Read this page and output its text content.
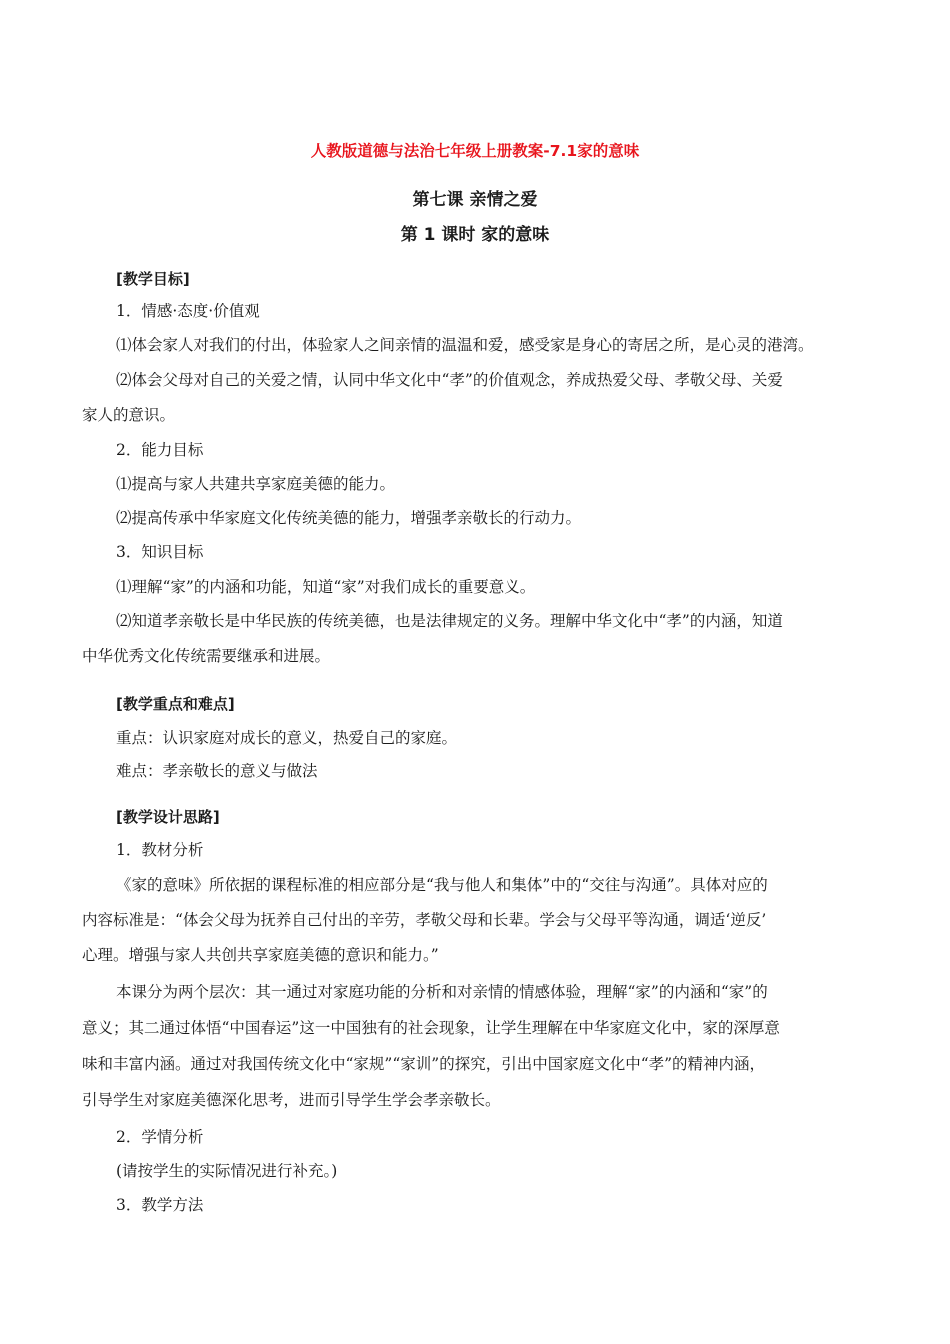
人教版道德与法治七年级上册教案-7.1家的意味
第七课 亲情之爱
第 1 课时 家的意味
[教学目标]
1．情感·态度·价值观
⑴体会家人对我们的付出，体验家人之间亲情的温温和爱，感受家是身心的寄居之所，是心灵的港湾。
⑵体会父母对自己的关爱之情，认同中华文化中“孝”的价值观念，养成热爱父母、孝敬父母、关爱
家人的意识。
2．能力目标
⑴提高与家人共建共享家庭美德的能力。
⑵提高传承中华家庭文化传统美德的能力，增强孝亲敬长的行动力。
3．知识目标
⑴理解“家”的内涵和功能，知道“家”对我们成长的重要意义。
⑵知道孝亲敬长是中华民族的传统美德，也是法律规定的义务。理解中华文化中“孝”的内涵，知道
中华优秀文化传统需要继承和进展。
[教学重点和难点]
重点：认识家庭对成长的意义，热爱自己的家庭。
难点：孝亲敬长的意义与做法
[教学设计思路]
1．教材分析
《家的意味》所依据的课程标准的相应部分是“我与他人和集体”中的“交往与沟通”。具体对应的
内容标准是：“体会父母为抚养自己付出的辛劳，孝敬父母和长辈。学会与父母平等沟通，调适‘逆反’
心理。增强与家人共创共享家庭美德的意识和能力。”
本课分为两个层次：其一通过对家庭功能的分析和对亲情的情感体验，理解“家”的内涵和“家”的
意义；其二通过体悟“中国春运”这一中国独有的社会现象，让学生理解在中华家庭文化中，家的深厚意
味和丰富内涵。通过对我国传统文化中“家规”“家训”的探究，引出中国家庭文化中“孝”的精神内涵，
引导学生对家庭美德深化思考，进而引导学生学会孝亲敬长。
2．学情分析
(请按学生的实际情况进行补充。)
3．教学方法
